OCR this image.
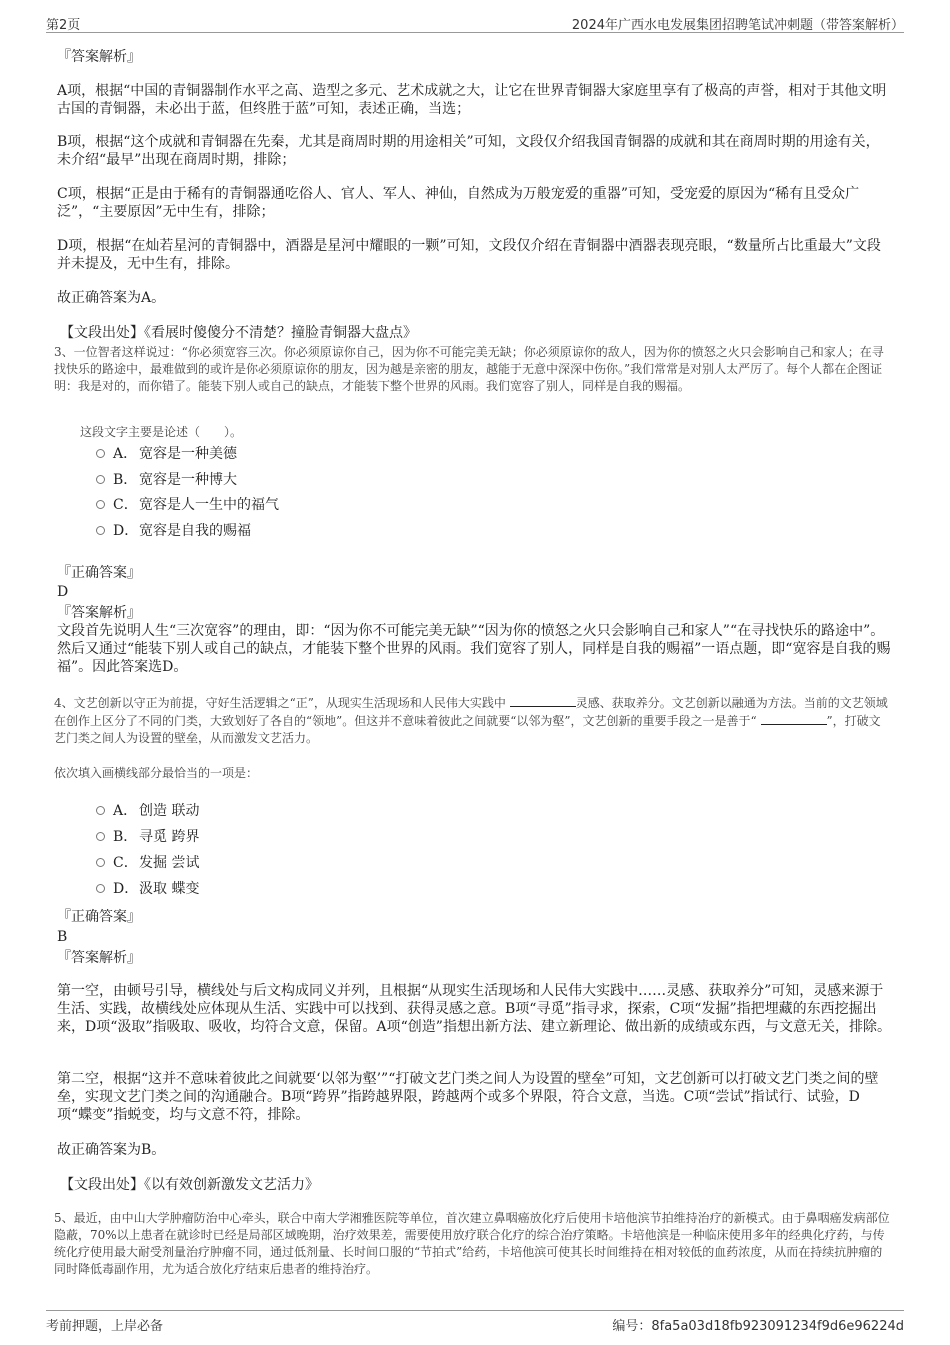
第2页	2024年广西水电发展集团招聘笔试冲刺题（带答案解析）
『答案解析』
A项，根据“中国的青铜器制作水平之高、造型之多元、艺术成就之大，让它在世界青铜器大家庭里享有了极高的声誉，相对于其他文明古国的青铜器，未必出于蓝，但终胜于蓝”可知，表述正确，当选；
B项，根据“这个成就和青铜器在先秦，尤其是商周时期的用途相关”可知，文段仅介绍我国青铜器的成就和其在商周时期的用途有关，未介绍“最早”出现在商周时期，排除；
C项，根据“正是由于稀有的青铜器通吃俗人、官人、军人、神仙，自然成为万般宠爱的重器”可知，受宠爱的原因为“稀有且受众广泛”，“主要原因”无中生有，排除；
D项，根据“在灿若星河的青铜器中，酒器是星河中耀眼的一颗”可知，文段仅介绍在青铜器中酒器表现亮眼，“数量所占比重最大”文段并未提及，无中生有，排除。
故正确答案为A。
【文段出处】《看展时傻傻分不清楚？撞脸青铜器大盘点》
3、一位智者这样说过：“你必须宽容三次。你必须原谅你自己，因为你不可能完美无缺；你必须原谅你的敌人，因为你的愤怒之火只会影响自己和家人；在寻找快乐的路途中，最难做到的或许是你必须原谅你的朋友，因为越是亲密的朋友，越能于无意中深深中伤你。”我们常常是对别人太严厉了。每个人都在企图证明：我是对的，而你错了。能装下别人或自己的缺点，才能装下整个世界的风雨。我们宽容了别人，同样是自我的赐福。
这段文字主要是论述（　　）。
A． 宽容是一种美德
B． 宽容是一种博大
C．宽容是人一生中的福气
D．宽容是自我的赐福
『正确答案』
D
『答案解析』
文段首先说明人生“三次宽容”的理由，即：“因为你不可能完美无缺”“因为你的愤怒之火只会影响自己和家人”“在寻找快乐的路途中”。然后又通过“能装下别人或自己的缺点，才能装下整个世界的风雨。我们宽容了别人，同样是自我的赐福”一语点题，即“宽容是自我的赐福”。因此答案选D。
4、文艺创新以守正为前提，守好生活逻辑之“正”，从现实生活现场和人民伟大实践中	灵感、获取养分。文艺创新以融通为方法。当前的文艺领域在创作上区分了不同的门类，大致划好了各自的“领地”。但这并不意味着彼此之间就要“以邻为壑”，文艺创新的重要手段之一是善于“	”，打破文艺门类之间人为设置的壁垒，从而激发文艺活力。
依次填入画横线部分最恰当的一项是：
A． 创造 联动
B． 寻觅 跨界
C．发掘 尝试
D．汲取 蝶变
『正确答案』
B
『答案解析』
第一空，由顿号引导，横线处与后文构成同义并列，且根据“从现实生活现场和人民伟大实践中……灵感、获取养分”可知，灵感来源于生活、实践，故横线处应体现从生活、实践中可以找到、获得灵感之意。B项“寻觅”指寻求，探索，C项“发掘”指把埋藏的东西挖掘出来，D项“汲取”指吸取、吸收，均符合文意，保留。A项“创造”指想出新方法、建立新理论、做出新的成绩或东西，与文意无关，排除。
第二空，根据“这并不意味着彼此之间就要‘以邻为壑’”“打破文艺门类之间人为设置的壁垒”可知，文艺创新可以打破文艺门类之间的壁垒，实现文艺门类之间的沟通融合。B项“跨界”指跨越界限，跨越两个或多个界限，符合文意，当选。C项“尝试”指试行、试验，D项“蝶变”指蜕变，均与文意不符，排除。
故正确答案为B。
【文段出处】《以有效创新激发文艺活力》
5、最近，由中山大学肿瘤防治中心牵头，联合中南大学湘雅医院等单位，首次建立鼻咽癌放化疗后使用卡培他滨节拍维持治疗的新模式。由于鼻咽癌发病部位隐蔽，70%以上患者在就诊时已经是局部区域晚期，治疗效果差，需要使用放疗联合化疗的综合治疗策略。卡培他滨是一种临床使用多年的经典化疗药，与传统化疗使用最大耐受剂量治疗肿瘤不同，通过低剂量、长时间口服的“节拍式”给药，卡培他滨可使其长时间维持在相对较低的血药浓度，从而在持续抗肿瘤的同时降低毒副作用，尤为适合放化疗结束后患者的维持治疗。
考前押题，上岸必备	编号：8fa5a03d18fb923091234f9d6e96224d
